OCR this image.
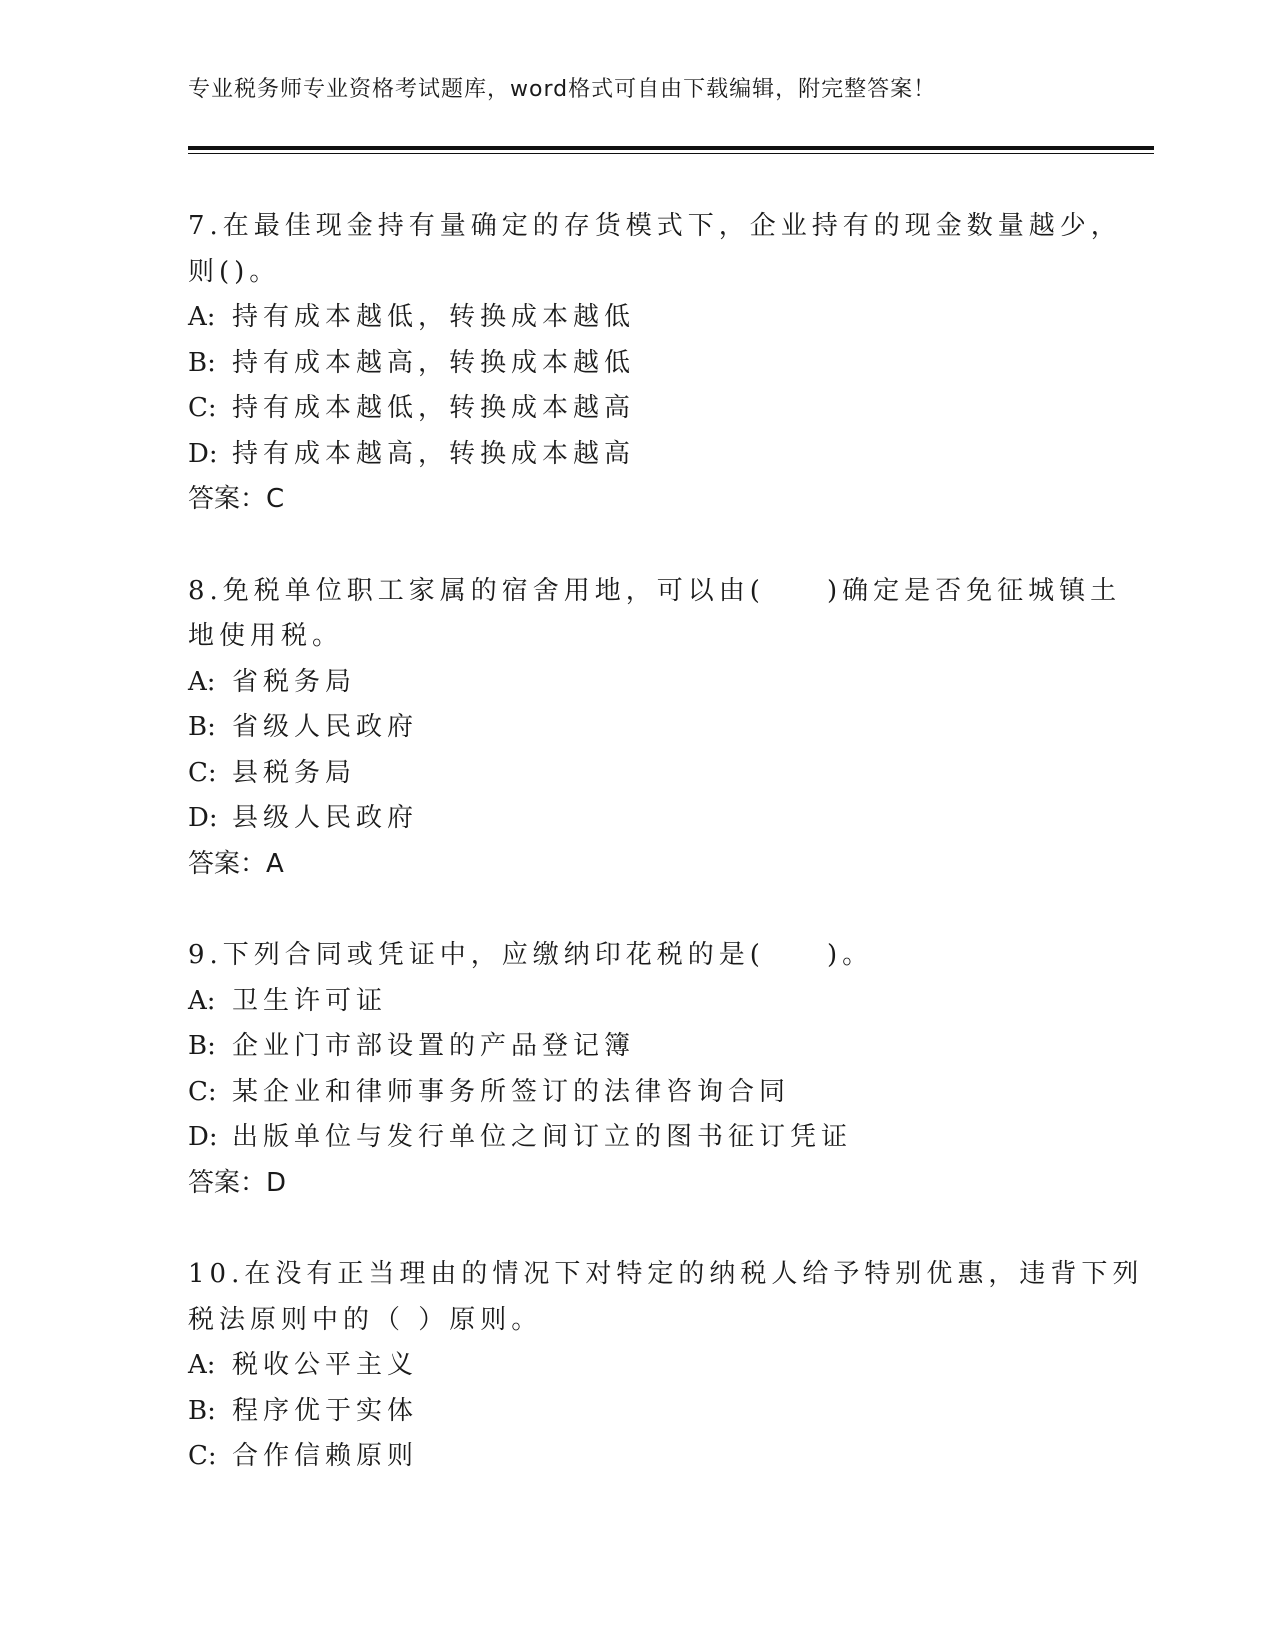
专业税务师专业资格考试题库，word格式可自由下载编辑，附完整答案！
7.在最佳现金持有量确定的存货模式下，企业持有的现金数量越少，
则()。
A: 持有成本越低，转换成本越低
B: 持有成本越高，转换成本越低
C: 持有成本越低，转换成本越高
D: 持有成本越高，转换成本越高
答案：C
8.免税单位职工家属的宿舍用地，可以由(　　)确定是否免征城镇土
地使用税。
A: 省税务局
B: 省级人民政府
C: 县税务局
D: 县级人民政府
答案：A
9.下列合同或凭证中，应缴纳印花税的是(　　)。
A: 卫生许可证
B: 企业门市部设置的产品登记簿
C: 某企业和律师事务所签订的法律咨询合同
D: 出版单位与发行单位之间订立的图书征订凭证
答案：D
10.在没有正当理由的情况下对特定的纳税人给予特别优惠，违背下列
税法原则中的（ ）原则。
A: 税收公平主义
B: 程序优于实体
C: 合作信赖原则
